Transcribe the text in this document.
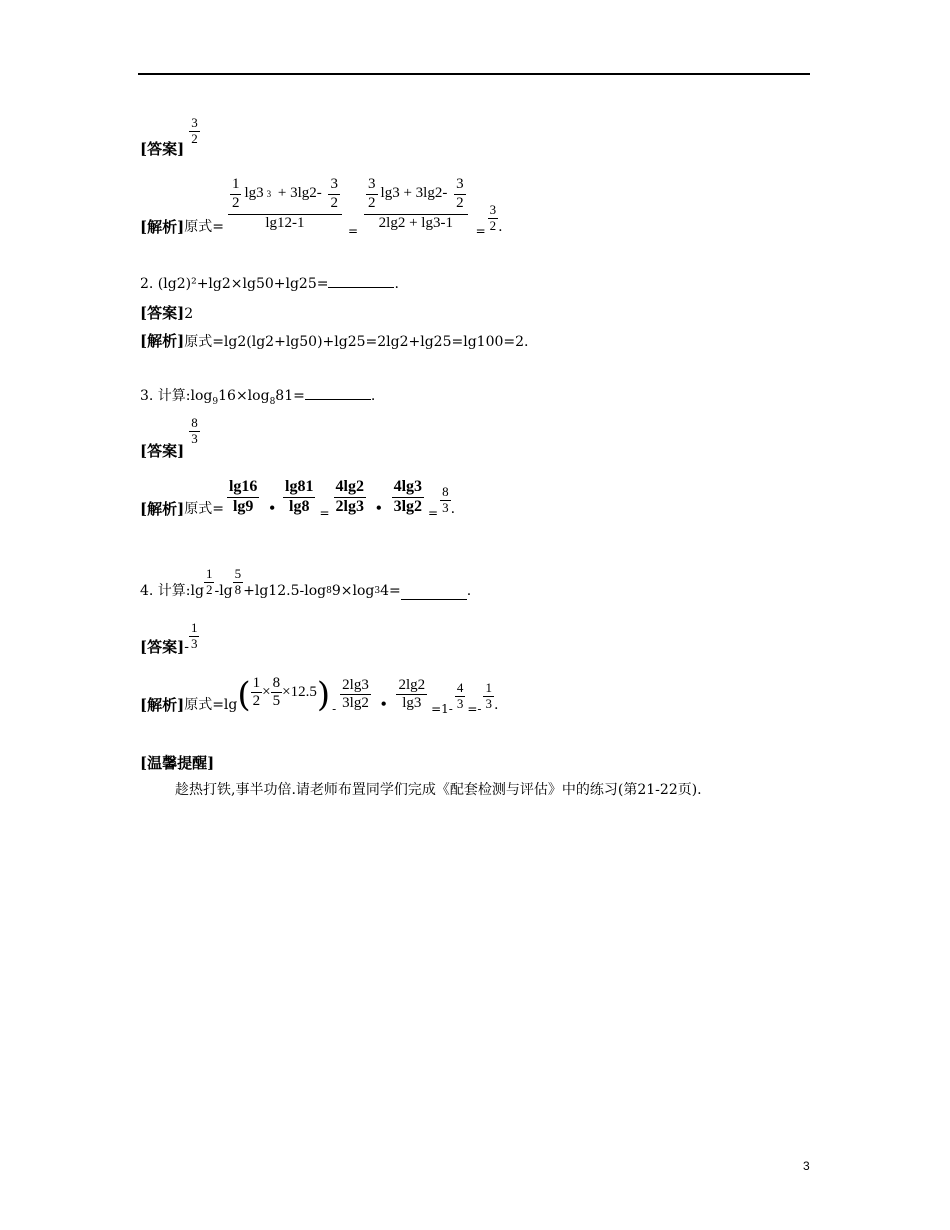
[答案]
$\frac{3}{2}$
[解析] 原式= 1
2
lg3 3 + 3lg2-
3
2
lg12-1 = 3
2
lg3 + 3lg2-
3
2
$2\lg 2 + \lg 3-1 = \frac{3}{2}$ .
2. (lg2)²+lg2×lg50+lg25=	.
[答案]2
[解析]原式=lg2(lg2+lg50)+lg25=2lg2+lg25=lg100=2.
3. 计算$:\log_916\times\log_881=$	.
[答案]
$\frac{8}{3}$
[解析] 原式= $\frac{\lg 16}{\lg 9}$ • $\frac{\lg 81}{\lg 8} = \frac{4\lg 2}{2\lg 3}$ • $\frac{4\lg 3}{3\lg 2} = \frac{8}{3}$ .
4. 计算:lg
1
2 -lg
5
8 +lg12.5-log 8 9×log 3 4=	.
[答案] -
1
3
[解析] 原式=lg ( $\frac{1}{2} \times \frac{8}{5} \times 12.5$ ) -
2lg3
3lg2 • $\frac{2\lg 2}{\lg 3} =1- \frac{4}{3}$ =-
1
3 .
[温馨提醒]
趁热打铁,事半功倍.请老师布置同学们完成《配套检测与评估》中的练习(第21-22页).
3
